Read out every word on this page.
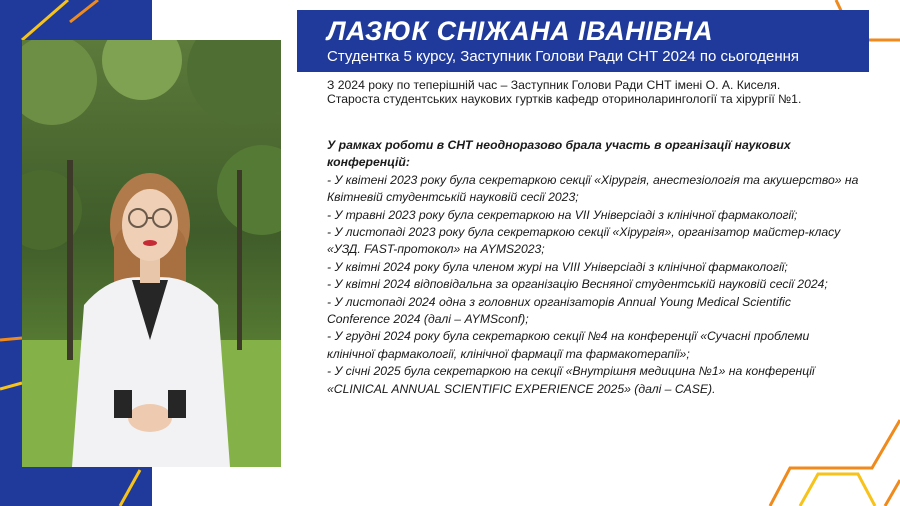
ЛАЗЮК СНІЖАНА ІВАНІВНА
Студентка 5 курсу, Заступник Голови Ради СНТ 2024 по сьогодення
З 2024 року по теперішній час – Заступник Голови Ради СНТ імені О. А. Киселя.
Староста студентських наукових гуртків кафедр оториноларингології та хірургії №1.
У рамках роботи в СНТ неодноразово брала участь в організації наукових
конференцій:
- У квітені 2023 року була секретаркою секції «Хірургія, анестезіологія та акушерство» на
Квітневій студентській науковій сесії 2023;
- У травні 2023 року була секретаркою на VII Універсіаді з клінічної фармакології;
- У листопаді 2023 року була секретаркою секції «Хірургія», організатор майстер-класу
«УЗД. FAST-протокол» на AYMS2023;
- У квітні 2024 року була членом журі на VIII Універсіаді з клінічної фармакології;
- У квітні 2024 відповідальна за організацію Весняної студентській науковій сесії 2024;
- У листопаді 2024 одна з головних організаторів Annual Young Medical Scientific
Conference 2024 (далі – AYMSconf);
- У грудні 2024 року була секретаркою секції №4 на конференції «Сучасні проблеми
клінічної фармакології, клінічної фармації та фармакотерапії»;
- У січні 2025 була секретаркою на секції «Внутрішня медицина №1» на конференції
«CLINICAL ANNUAL SCIENTIFIC EXPERIENCE 2025» (далі – CASE).
